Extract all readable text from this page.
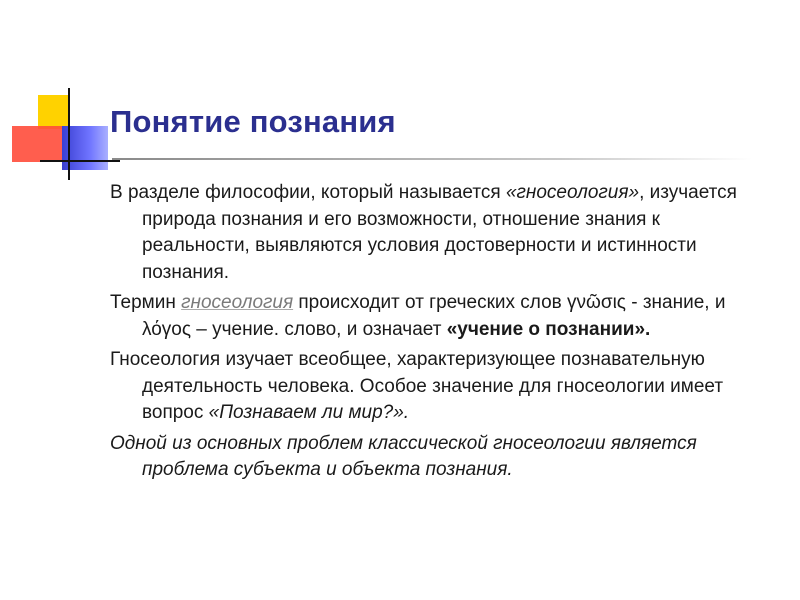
Понятие познания

В разделе философии, который называется «гносеология», изучается природа познания и его возможности, отношение знания к реальности, выявляются условия достоверности и истинности познания.

Термин гносеология происходит от греческих слов γνῶσις - знание, и λόγος – учение. слово, и означает «учение о познании».

Гносеология изучает всеобщее, характеризующее познавательную деятельность человека. Особое значение для гносеологии имеет вопрос «Познаваем ли мир?».

Одной из основных проблем классической гносеологии является проблема субъекта и объекта познания.
